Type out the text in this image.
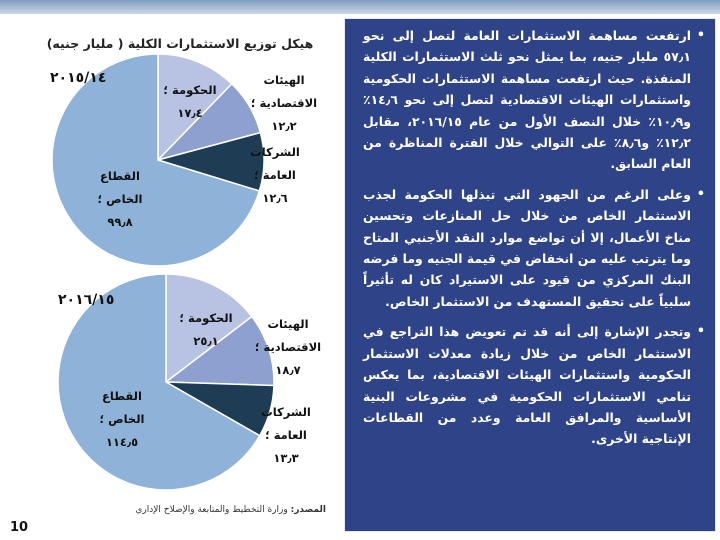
هيكل توزيع الاستثمارات الكلية ( مليار جنيه)
٢٠١٥/١٤
الحكومة ؛ ١٧٫٤
الهيئات الاقتصادية ؛ ١٢٫٢
الشركات العامة ؛ ١٢٫٦
القطاع الخاص ؛ ٩٩٫٨
٢٠١٦/١٥
الحكومة ؛ ٢٥٫١
الهيئات الاقتصادية ؛ ١٨٫٧
الشركات العامة ؛ ١٣٫٣
القطاع الخاص ؛ ١١٤٫٥
المصدر: وزارة التخطيط والمتابعة والإصلاح الإداري
10
• ارتفعت مساهمة الاستثمارات العامة لتصل إلى نحو ٥٧٫١ مليار جنيه، بما يمثل نحو ثلث الاستثمارات الكلية المنفذة. حيث ارتفعت مساهمة الاستثمارات الحكومية واستثمارات الهيئات الاقتصادية لتصل إلى نحو ١٤٫٦٪ و١٠٫٩٪ خلال النصف الأول من عام ٢٠١٦/١٥، مقابل ١٢٫٢٪ و٨٫٦٪ على التوالي خلال الفترة المناظرة من العام السابق.
• وعلى الرغم من الجهود التي تبذلها الحكومة لجذب الاستثمار الخاص من خلال حل المنازعات وتحسين مناخ الأعمال، إلا أن تواضع موارد النقد الأجنبي المتاح وما يترتب عليه من انخفاض في قيمة الجنيه وما فرضه البنك المركزي من قيود على الاستيراد كان له تأثيراً سلبياً على تحقيق المستهدف من الاستثمار الخاص.
• وتجدر الإشارة إلى أنه قد تم تعويض هذا التراجع في الاستثمار الخاص من خلال زيادة معدلات الاستثمار الحكومية واستثمارات الهيئات الاقتصادية، بما يعكس تنامي الاستثمارات الحكومية في مشروعات البنية الأساسية والمرافق العامة وعدد من القطاعات الإنتاجية الأخرى.
